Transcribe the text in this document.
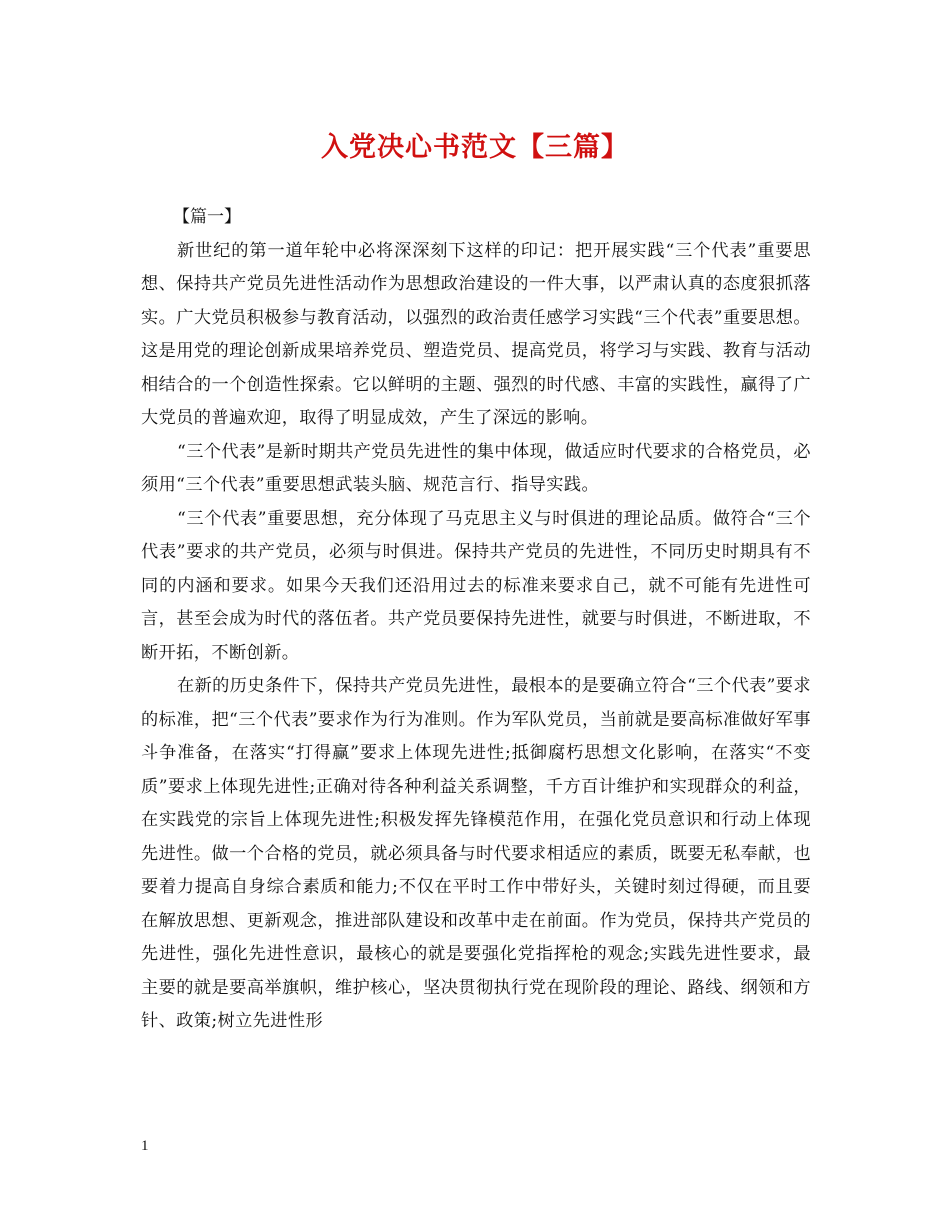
入党决心书范文【三篇】

【篇一】

新世纪的第一道年轮中必将深深刻下这样的印记：把开展实践“三个代表”重要思想、保持共产党员先进性活动作为思想政治建设的一件大事，以严肃认真的态度狠抓落实。广大党员积极参与教育活动，以强烈的政治责任感学习实践“三个代表”重要思想。这是用党的理论创新成果培养党员、塑造党员、提高党员，将学习与实践、教育与活动相结合的一个创造性探索。它以鲜明的主题、强烈的时代感、丰富的实践性，赢得了广大党员的普遍欢迎，取得了明显成效，产生了深远的影响。

“三个代表”是新时期共产党员先进性的集中体现，做适应时代要求的合格党员，必须用“三个代表”重要思想武装头脑、规范言行、指导实践。

“三个代表”重要思想，充分体现了马克思主义与时俱进的理论品质。做符合“三个代表”要求的共产党员，必须与时俱进。保持共产党员的先进性，不同历史时期具有不同的内涵和要求。如果今天我们还沿用过去的标准来要求自己，就不可能有先进性可言，甚至会成为时代的落伍者。共产党员要保持先进性，就要与时俱进，不断进取，不断开拓，不断创新。

在新的历史条件下，保持共产党员先进性，最根本的是要确立符合“三个代表”要求的标准，把“三个代表”要求作为行为准则。作为军队党员，当前就是要高标准做好军事斗争准备，在落实“打得赢”要求上体现先进性;抵御腐朽思想文化影响，在落实“不变质”要求上体现先进性;正确对待各种利益关系调整，千方百计维护和实现群众的利益，在实践党的宗旨上体现先进性;积极发挥先锋模范作用，在强化党员意识和行动上体现先进性。做一个合格的党员，就必须具备与时代要求相适应的素质，既要无私奉献，也要着力提高自身综合素质和能力;不仅在平时工作中带好头，关键时刻过得硬，而且要在解放思想、更新观念，推进部队建设和改革中走在前面。作为党员，保持共产党员的先进性，强化先进性意识，最核心的就是要强化党指挥枪的观念;实践先进性要求，最主要的就是要高举旗帜，维护核心，坚决贯彻执行党在现阶段的理论、路线、纲领和方针、政策;树立先进性形

1
